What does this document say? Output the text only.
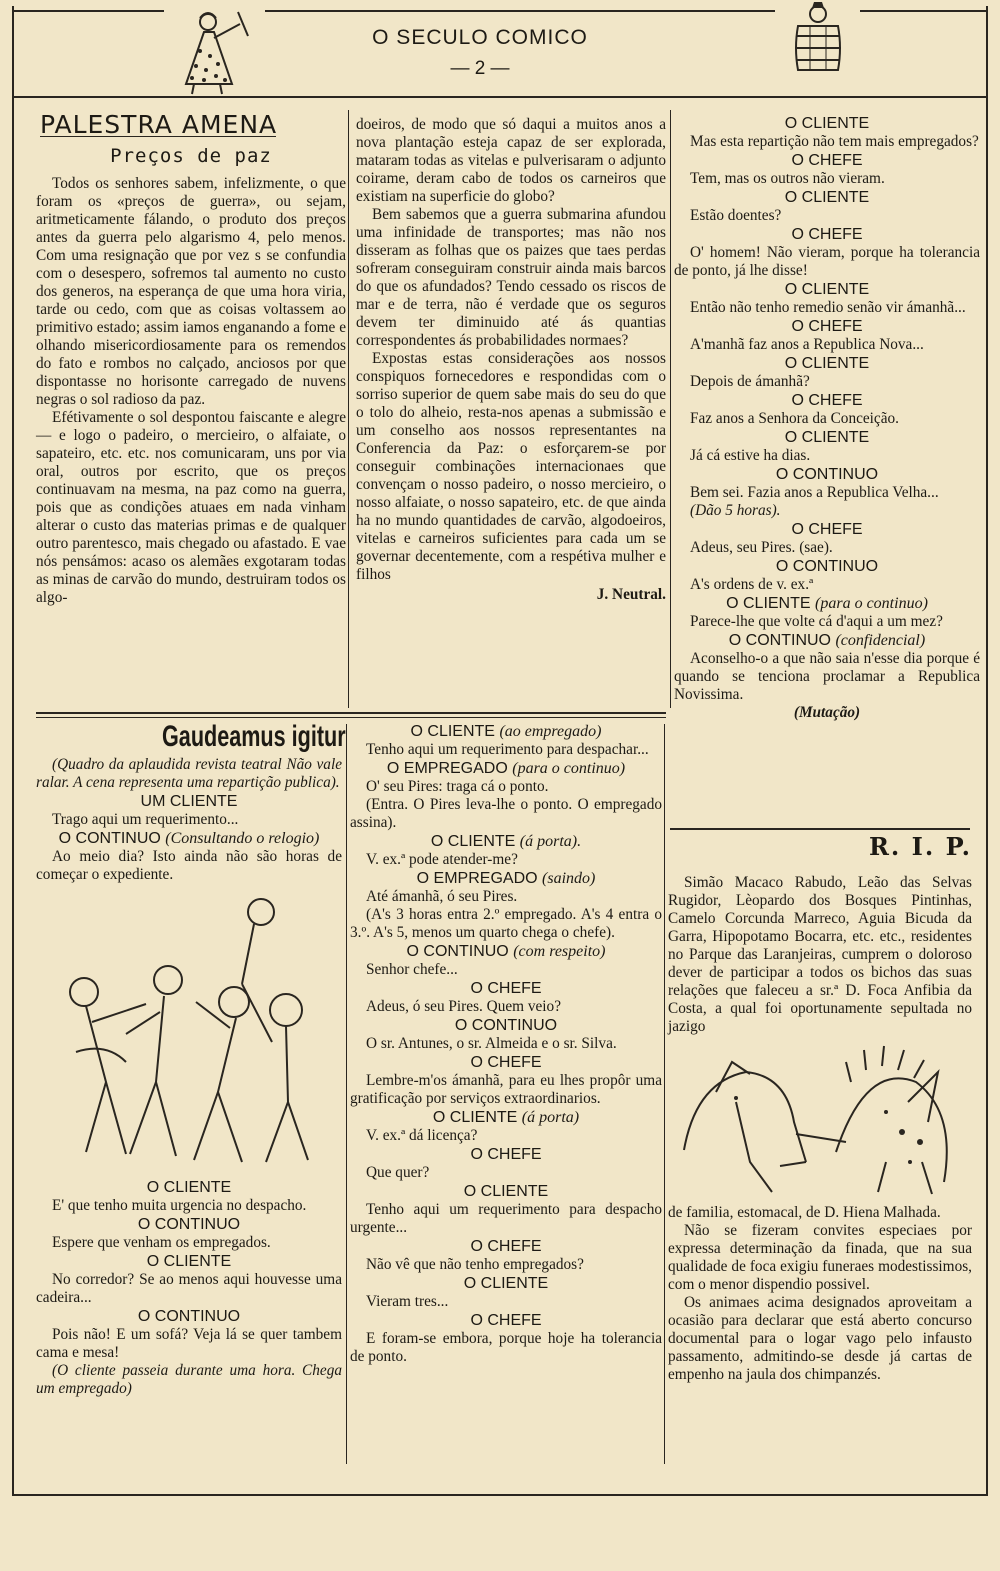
O SECULO COMICO
— 2 —
PALESTRA AMENA
Preços de paz

Todos os senhores sabem, infelizmente, o que foram os «preços de guerra», ou sejam, aritmeticamente fálando, o produto dos preços antes da guerra pelo algarismo 4, pelo menos. Com uma resignação que por vez s se confundia com o desespero, sofremos tal aumento no custo dos generos, na esperança de que uma hora viria, tarde ou cedo, com que as coisas voltassem ao primitivo estado; assim iamos enganando a fome e olhando misericordiosamente para os remendos do fato e rombos no calçado, anciosos por que dispontasse no horisonte carregado de nuvens negras o sol radioso da paz.

Efétivamente o sol despontou faiscante e alegre — e logo o padeiro, o mercieiro, o alfaiate, o sapateiro, etc. etc. nos comunicaram, uns por via oral, outros por escrito, que os preços continuavam na mesma, na paz como na guerra, pois que as condições atuaes em nada vinham alterar o custo das materias primas e de qualquer outro parentesco, mais chegado ou afastado. E vae nós pensámos: acaso os alemães exgotaram todas as minas de carvão do mundo, destruiram todos os algo-

doeiros, de modo que só daqui a muitos anos a nova plantação esteja capaz de ser explorada, mataram todas as vitelas e pulverisaram o adjunto coirame, deram cabo de todos os carneiros que existiam na superficie do globo?

Bem sabemos que a guerra submarina afundou uma infinidade de transportes; mas não nos disseram as folhas que os paizes que taes perdas sofreram conseguiram construir ainda mais barcos do que os afundados? Tendo cessado os riscos de mar e de terra, não é verdade que os seguros devem ter diminuido até ás quantias correspondentes ás probabilidades normaes?

Expostas estas considerações aos nossos conspiquos fornecedores e respondidas com o sorriso superior de quem sabe mais do seu do que o tolo do alheio, resta-nos apenas a submissão e um conselho aos nossos representantes na Conferencia da Paz: o esforçarem-se por conseguir combinações internacionaes que convençam o nosso padeiro, o nosso mercieiro, o nosso alfaiate, o nosso sapateiro, etc. de que ainda ha no mundo quantidades de carvão, algodoeiros, vitelas e carneiros suficientes para cada um se governar decentemente, com a respétiva mulher e filhos

J. Neutral.
Gaudeamus igitur

(Quadro da aplaudida revista teatral Não vale ralar. A cena representa uma repartição publica).

UM CLIENTE
Trago aqui um requerimento...
O CONTINUO (Consultando o relogio)
Ao meio dia? Isto ainda não são horas de começar o expediente.
O CLIENTE
E' que tenho muita urgencia no despacho.
O CONTINUO
Espere que venham os empregados.
O CLIENTE
No corredor? Se ao menos aqui houvesse uma cadeira...
O CONTINUO
Pois não! E um sofá? Veja lá se quer tambem cama e mesa!

(O cliente passeia durante uma hora. Chega um empregado)

O CLIENTE (ao empregado)
Tenho aqui um requerimento para despachar...
O EMPREGADO (para o continuo)
O' seu Pires: traga cá o ponto.
(Entra. O Pires leva-lhe o ponto. O empregado assina).
O CLIENTE (á porta).
V. ex.ª pode atender-me?
O EMPREGADO (saindo)
Até ámanhã, ó seu Pires.
(A's 3 horas entra 2.º empregado. A's 4 entra o 3.º. A's 5, menos um quarto chega o chefe).
O CONTINUO (com respeito)
Senhor chefe...
O CHEFE
Adeus, ó seu Pires. Quem veio?
O CONTINUO
O sr. Antunes, o sr. Almeida e o sr. Silva.
O CHEFE
Lembre-m'os ámanhã, para eu lhes propôr uma gratificação por serviços extraordinarios.
O CLIENTE (á porta)
V. ex.ª dá licença?
O CHEFE
Que quer?
O CLIENTE
Tenho aqui um requerimento para despacho urgente...
O CHEFE
Não vê que não tenho empregados?
O CLIENTE
Vieram tres...
O CHEFE
E foram-se embora, porque hoje ha tolerancia de ponto.
O CLIENTE
Mas esta repartição não tem mais empregados?
O CHEFE
Tem, mas os outros não vieram.
O CLIENTE
Estão doentes?
O CHEFE
O' homem! Não vieram, porque ha tolerancia de ponto, já lhe disse!
O CLIENTE
Então não tenho remedio senão vir ámanhã...
O CHEFE
A'manhã faz anos a Republica Nova...
O CLIENTE
Depois de ámanhã?
O CHEFE
Faz anos a Senhora da Conceição.
O CLIENTE
Já cá estive ha dias.
O CONTINUO
Bem sei. Fazia anos a Republica Velha...
(Dão 5 horas).
O CHEFE
Adeus, seu Pires. (sae).
O CONTINUO
A's ordens de v. ex.ª
O CLIENTE (para o continuo)
Parece-lhe que volte cá d'aqui a um mez?
O CONTINUO (confidencial)
Aconselho-o a que não saia n'esse dia porque é quando se tenciona proclamar a Republica Novissima.
(Mutação)
R. I. P.

Simão Macaco Rabudo, Leão das Selvas Rugidor, Lèopardo dos Bosques Pintinhas, Camelo Corcunda Marreco, Aguia Bicuda da Garra, Hipopotamo Bocarra, etc. etc., residentes no Parque das Laranjeiras, cumprem o doloroso dever de participar a todos os bichos das suas relações que faleceu a sr.ª D. Foca Anfibia da Costa, a qual foi oportunamente sepultada no jazigo

de familia, estomacal, de D. Hiena Malhada.

Não se fizeram convites especiaes por expressa determinação da finada, que na sua qualidade de foca exigiu funeraes modestissimos, com o menor dispendio possivel.

Os animaes acima designados aproveitam a ocasião para declarar que está aberto concurso documental para o logar vago pelo infausto passamento, admitindo-se desde já cartas de empenho na jaula dos chimpanzés.
